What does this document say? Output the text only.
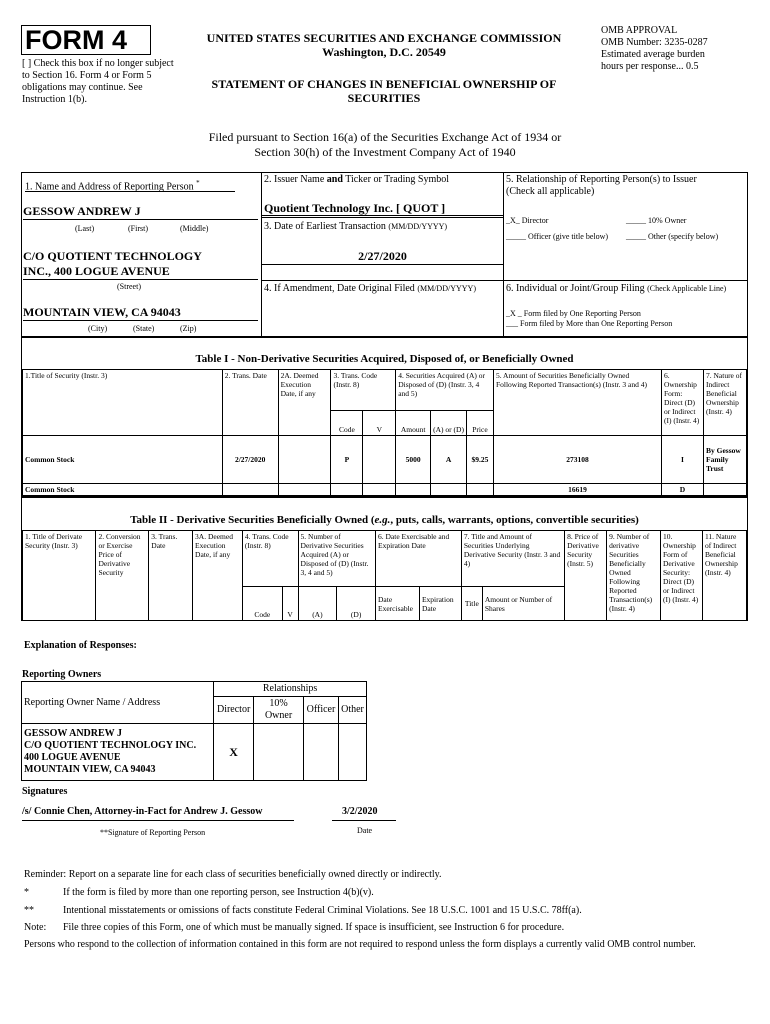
FORM 4
[ ] Check this box if no longer subject to Section 16. Form 4 or Form 5 obligations may continue. See Instruction 1(b).
UNITED STATES SECURITIES AND EXCHANGE COMMISSION
Washington, D.C. 20549
STATEMENT OF CHANGES IN BENEFICIAL OWNERSHIP OF SECURITIES
OMB APPROVAL
OMB Number: 3235-0287
Estimated average burden
hours per response... 0.5
Filed pursuant to Section 16(a) of the Securities Exchange Act of 1934 or
Section 30(h) of the Investment Company Act of 1940
1. Name and Address of Reporting Person *
GESSOW ANDREW J
(Last)	(First)	(Middle)
C/O QUOTIENT TECHNOLOGY
INC., 400 LOGUE AVENUE
(Street)
MOUNTAIN VIEW, CA 94043
(City)	(State)	(Zip)
2. Issuer Name and Ticker or Trading Symbol
Quotient Technology Inc. [ QUOT ]
3. Date of Earliest Transaction (MM/DD/YYYY)
2/27/2020
4. If Amendment, Date Original Filed (MM/DD/YYYY)
5. Relationship of Reporting Person(s) to Issuer
(Check all applicable)
_X_ Director	_____ 10% Owner
_____ Officer (give title below) _____ Other (specify below)
6. Individual or Joint/Group Filing (Check Applicable Line)
_X _ Form filed by One Reporting Person
___ Form filed by More than One Reporting Person
Table I - Non-Derivative Securities Acquired, Disposed of, or Beneficially Owned
1.Title of Security (Instr. 3)	2. Trans. Date	2A. Deemed Execution Date, if any	3. Trans. Code (Instr. 8)		4. Securities Acquired (A) or Disposed of (D) (Instr. 3, 4 and 5)			5. Amount of Securities Beneficially Owned Following Reported Transaction(s) (Instr. 3 and 4)	6. Ownership Form: Direct (D) or Indirect (I) (Instr. 4)	7. Nature of Indirect Beneficial Ownership (Instr. 4)
			Code	V	Amount	(A) or (D)	Price			
Common Stock	2/27/2020		P		5000	A	$9.25	273108	I	By Gessow Family Trust
Common Stock								16619	D	
Table II - Derivative Securities Beneficially Owned (e.g., puts, calls, warrants, options, convertible securities)
1. Title of Derivate Security (Instr. 3)	2. Conversion or Exercise Price of Derivative Security	3. Trans. Date	3A. Deemed Execution Date, if any	4. Trans. Code (Instr. 8)		5. Number of Derivative Securities Acquired (A) or Disposed of (D) (Instr. 3, 4 and 5)		6. Date Exercisable and Expiration Date		7. Title and Amount of Securities Underlying Derivative Security (Instr. 3 and 4)		8. Price of Derivative Security (Instr. 5)	9. Number of derivative Securities Beneficially Owned Following Reported Transaction(s) (Instr. 4)	10. Ownership Form of Derivative Security: Direct (D) or Indirect (I) (Instr. 4)	11. Nature of Indirect Beneficial Ownership (Instr. 4)
				Code	V	(A)	(D)	Date Exercisable	Expiration Date	Title	Amount or Number of Shares				
Explanation of Responses:
Reporting Owners
Reporting Owner Name / Address	Relationships			
	Director	10% Owner	Officer	Other

GESSOW ANDREW J
C/O QUOTIENT TECHNOLOGY INC.
400 LOGUE AVENUE
MOUNTAIN VIEW, CA 94043	X			
Signatures
/s/ Connie Chen, Attorney-in-Fact for Andrew J. Gessow	3/2/2020
**Signature of Reporting Person	Date
Reminder: Report on a separate line for each class of securities beneficially owned directly or indirectly.
*	If the form is filed by more than one reporting person, see Instruction 4(b)(v).
**	Intentional misstatements or omissions of facts constitute Federal Criminal Violations. See 18 U.S.C. 1001 and 15 U.S.C. 78ff(a).
Note: File three copies of this Form, one of which must be manually signed. If space is insufficient, see Instruction 6 for procedure.
Persons who respond to the collection of information contained in this form are not required to respond unless the form displays a currently valid OMB control number.
